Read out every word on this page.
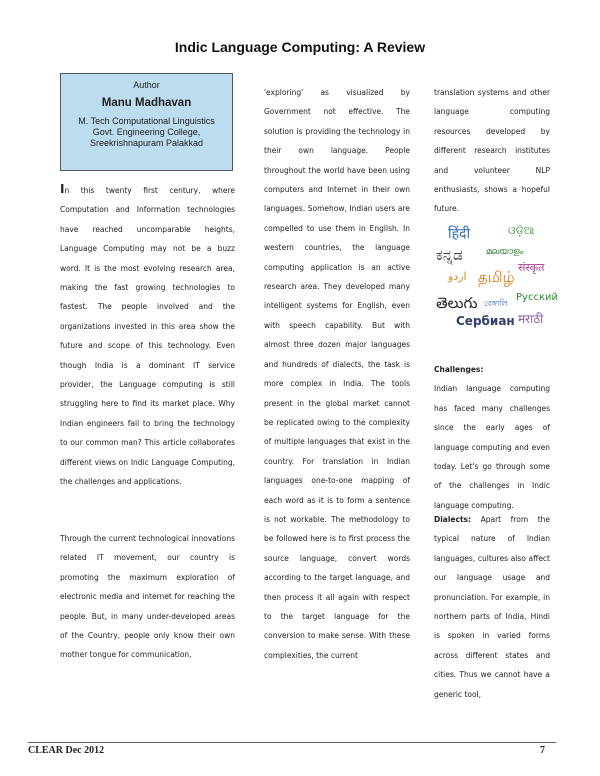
Indic Language Computing: A Review
Author
Manu Madhavan
M. Tech Computational Linguistics
Govt. Engineering College,
Sreekrishnapuram Palakkad

In this twenty first century, where Computation and Information technologies have reached uncomparable heights, Language Computing may not be a buzz word. It is the most evolving research area, making the fast growing technologies to fastest. The people involved and the organizations invested in this area show the future and scope of this technology. Even though India is a dominant IT service provider, the Language computing is still struggling here to find its market place. Why Indian engineers fail to bring the technology to our common man? This article collaborates different views on Indic Language Computing, the challenges and applications.

Through the current technological innovations related IT movement, our country is promoting the maximum exploration of electronic media and internet for reaching the people. But, in many under-developed areas of the Country, people only know their own mother tongue for communication,

'exploring' as visualized by Government not effective. The solution is providing the technology in their own language. People throughout the world have been using computers and Internet in their own languages. Somehow, Indian users are compelled to use them in English. In western countries, the language computing application is an active research area. They developed many intelligent systems for English, even with speech capability. But with almost three dozen major languages and hundreds of dialects, the task is more complex in India. The tools present in the global market cannot be replicated owing to the complexity of multiple languages that exist in the country. For translation in Indian languages one-to-one mapping of each word as it is to form a sentence is not workable. The methodology to be followed here is to first process the source language, convert words according to the target language, and then process it all again with respect to the target language for the conversion to make sense. With these complexities, the current

translation systems and other language computing resources developed by different research institutes and volunteer NLP enthusiasts, shows a hopeful future.

हिंदी	ଓଡ଼ିଆ
ಕನ್ನಡ	മലയാളം
संस्कृत
اردو தமிழ்
తెలుగు বেঙ্গালি
Русский
मराठी
Сербиан

Challenges:
Indian language computing has faced many challenges since the early ages of language computing and even today. Let's go through some of the challenges in Indic language computing.

Dialects: Apart from the typical nature of Indian languages, cultures also affect our language usage and pronunciation. For example, in northern parts of India, Hindi is spoken in varied forms across different states and cities. Thus we cannot have a generic tool,

CLEAR Dec 2012	7
